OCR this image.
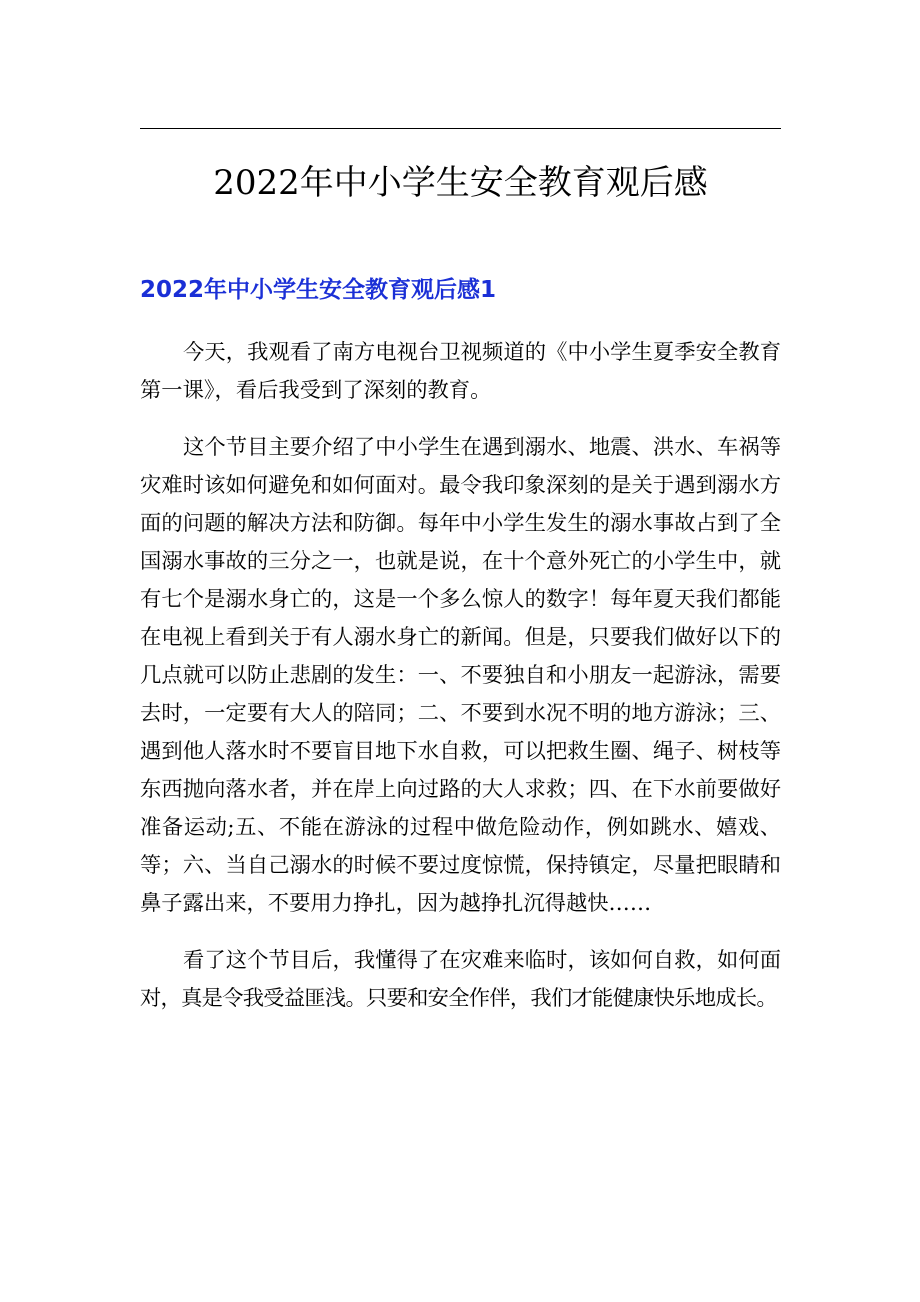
2022年中小学生安全教育观后感
2022年中小学生安全教育观后感1

今天，我观看了南方电视台卫视频道的《中小学生夏季安全教育
第一课》，看后我受到了深刻的教育。

这个节目主要介绍了中小学生在遇到溺水、地震、洪水、车祸等
灾难时该如何避免和如何面对。最令我印象深刻的是关于遇到溺水方
面的问题的解决方法和防御。每年中小学生发生的溺水事故占到了全
国溺水事故的三分之一，也就是说，在十个意外死亡的小学生中，就
有七个是溺水身亡的，这是一个多么惊人的数字！每年夏天我们都能
在电视上看到关于有人溺水身亡的新闻。但是，只要我们做好以下的
几点就可以防止悲剧的发生：一、不要独自和小朋友一起游泳，需要
去时，一定要有大人的陪同；二、不要到水况不明的地方游泳；三、
遇到他人落水时不要盲目地下水自救，可以把救生圈、绳子、树枝等
东西抛向落水者，并在岸上向过路的大人求救；四、在下水前要做好
准备运动;五、不能在游泳的过程中做危险动作，例如跳水、嬉戏、
等；六、当自己溺水的时候不要过度惊慌，保持镇定，尽量把眼睛和
鼻子露出来，不要用力挣扎，因为越挣扎沉得越快……

看了这个节目后，我懂得了在灾难来临时，该如何自救，如何面
对，真是令我受益匪浅。只要和安全作伴，我们才能健康快乐地成长。
